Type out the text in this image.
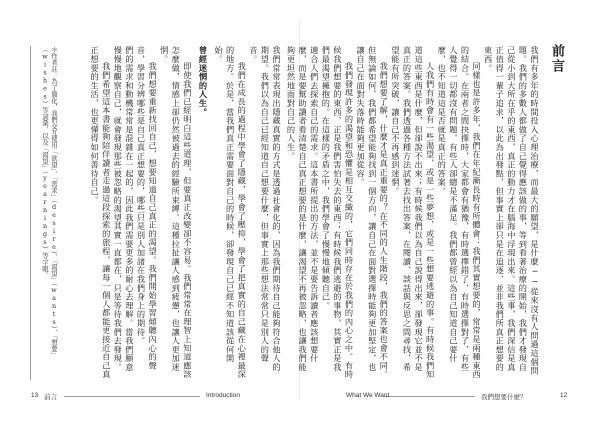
前言
我們有多年的時間投入心理治療，而最大的願望，是什麼──從來沒有人問過這個問題。我們的多數人都做了自己覺得應該做的事，等到看著治療的開始，我們才發現自己從小到大所在乎的東西，真正的動力才在腦海中浮現出來。這些事，我們深信是真正值得一輩子追求，以此為出發點，但事實上卻只是在追逐、並非我們所真正想要的東西。
同樣也是許多年，我們在年紀漸長時有所體會：我們其實想要的，常常是兩種東西的結合。在兩者之間抉擇時，大家都會有猶豫，有時選擇錯了，有時選擇對了，有些人覺得一切都沒有問題，有些人卻總是不滿足。我們都曾經以為自己知道自己要什麼，也不知道這是否就是真正的答案。
人我們有時會有一些渴望，或是一些夢想，或是一些想要逃避的事。有時候我們知道這些東西是什麼，但卻說不出來；有時候我們以為自己說得出來，卻發現它並不是真正的答案。我們透過各種方法試著去找出答案，在閱讀、談話與反思之間尋找，希望能有所突破，讓自己不再感到迷惘。
我們想要了解，什麼才是真正重要的？在不同的人生階段，我們的答案也會不同。但無論如何，我們都希望能夠找到一個方向，讓自己在面對選擇時能夠更加堅定，也讓自己在面對失落時能夠更加從容。
我們發現許多的渴望和恐懼是相互交織的，它們同時存在於我們的內心之中。有時候我們想要的東西，正是我們害怕失去的東西；有時候我們逃避的事物，其實正是我們最渴望擁抱的。在這樣的矛盾之中，我們學會了慢慢地傾聽自己。
適合人們去探索自己的需求。這本書所提出的方法，並不是要告訴讀者應該想要什麼，而是要幫助讀者看清楚自己真正想要的是什麼，讓渴望不再被忽略，也讓我們能夠更坦然地面對自己的人生。
我們常常表現出隱藏真實的方式是透過社會化的，因為我們期待自己能夠符合他人的期望。我們以為自己已經知道自己想要什麼，但事實上那些想法常常只是別人的聲音。
我們在成長的過程中學會了隱藏，學會了壓抑，學會了把真實的自己藏在心裡最深的地方。於是，當我們真正需要面對自己的時候，卻發現自己已經不知道該從何開始。
曾經迷惘的人生。
即使我們已經明白這些道理，但要真正改變卻不容易。我們常常在理智上知道應該怎麼做，情感上卻仍然被過去的經驗所束縛。這種拉扯讓人感到疲憊，也讓人更加迷惘。
我們想要重新找回自己，想要知道自己真正的渴望。我們開始學習傾聽內心的聲音，學習分辨哪些是自己真正想要的，哪些只是別人加諸在我們身上的期待。
們的需求和動機常常是混雜在一起的，因此我們需要更多的耐心去理解。當我們願意慢慢地觀察自己，就會發現那些被忽略的渴望其實一直都在，只是等待我們去發現。
我們希望這本書能夠陪伴讀者走過這段探索的旅程，讓每一個人都能更接近自己真正想要的生活，也更懂得如何善待自己。
＊作者註：為了簡化，我們交互使用「欲望」、「需求」（desire）、「渴望」（wants）、「想要」（wishes）等詞彙，以及「渴望」（yearnings）等字眼。
13 前言	Introduction	What We Want	我們想要什麼？	12
